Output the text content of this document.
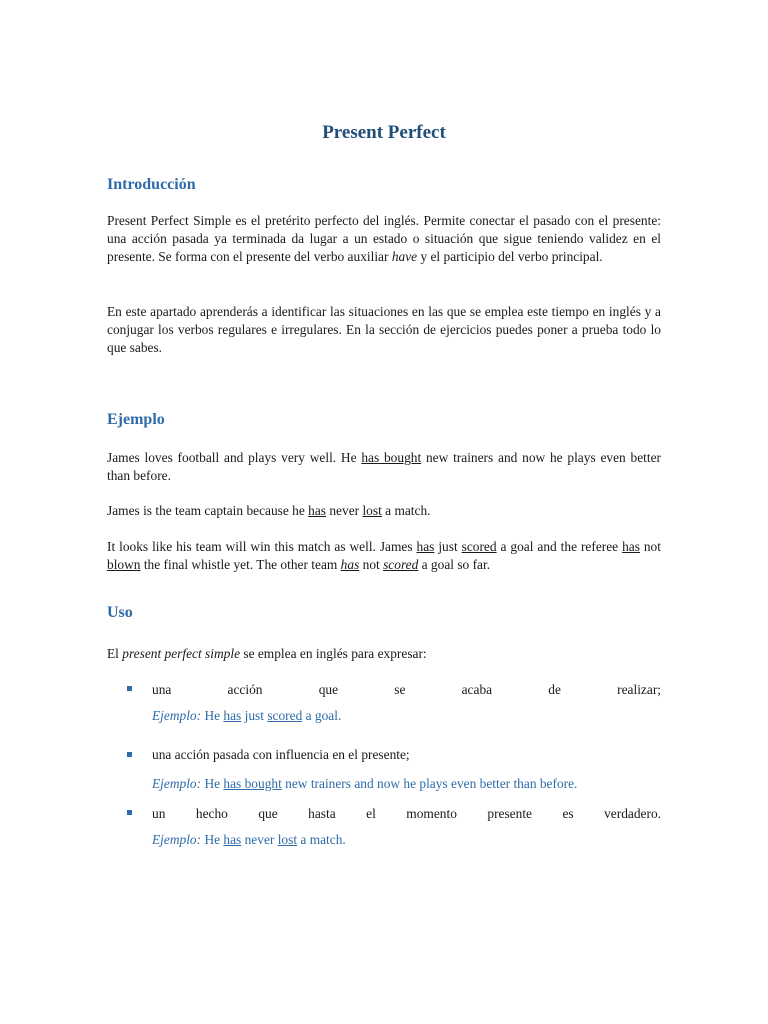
Present Perfect
Introducción

Present Perfect Simple es el pretérito perfecto del inglés. Permite conectar el pasado con el presente: una acción pasada ya terminada da lugar a un estado o situación que sigue teniendo validez en el presente. Se forma con el presente del verbo auxiliar have y el participio del verbo principal.

En este apartado aprenderás a identificar las situaciones en las que se emplea este tiempo en inglés y a conjugar los verbos regulares e irregulares. En la sección de ejercicios puedes poner a prueba todo lo que sabes.

Ejemplo

James loves football and plays very well. He has bought new trainers and now he plays even better than before.

James is the team captain because he has never lost a match.

It looks like his team will win this match as well. James has just scored a goal and the referee has not blown the final whistle yet. The other team has not scored a goal so far.

Uso

El present perfect simple se emplea en inglés para expresar:

una acción que se acaba de realizar;

Ejemplo: He has just scored a goal.

una acción pasada con influencia en el presente;

Ejemplo: He has bought new trainers and now he plays even better than before.

un hecho que hasta el momento presente es verdadero.

Ejemplo: He has never lost a match.
